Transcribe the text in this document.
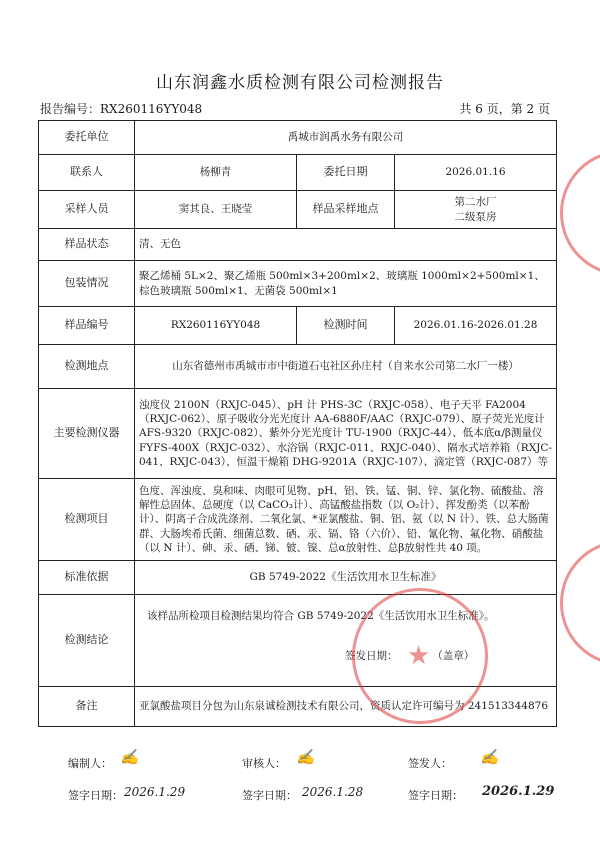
山东润鑫水质检测有限公司检测报告
报告编号：RX260116YY048	共 6 页，第 2 页
委托单位	禹城市润禹水务有限公司		
联系人	杨柳青	委托日期	2026.01.16
采样人员	窦其良、王晓莹	样品采样地点	第二水厂
二级泵房
样品状态	清、无色		
包装情况	聚乙烯桶 5L×2、聚乙烯瓶 500ml×3+200ml×2、玻璃瓶 1000ml×2+500ml×1、棕色玻璃瓶 500ml×1、无菌袋 500ml×1		
样品编号	RX260116YY048	检测时间	2026.01.16-2026.01.28
检测地点	山东省德州市禹城市市中街道石屯社区孙庄村（自来水公司第二水厂一楼）		
主要检测仪器	浊度仪 2100N（RXJC-045）、pH 计 PHS-3C（RXJC-058）、电子天平 FA2004（RXJC-062）、原子吸收分光光度计 AA-6880F/AAC（RXJC-079）、原子荧光光度计 AFS-9320（RXJC-082）、紫外分光光度计 TU-1900（RXJC-44）、低本底α/β测量仪 FYFS-400X（RXJC-032）、水浴锅（RXJC-011、RXJC-040）、隔水式培养箱（RXJC-041、RXJC-043）、恒温干燥箱 DHG-9201A（RXJC-107）、滴定管（RXJC-087）等		
检测项目	色度、浑浊度、臭和味、肉眼可见物、pH、铝、铁、锰、铜、锌、氯化物、硫酸盐、溶解性总固体、总硬度（以 CaCO₃计）、高锰酸盐指数（以 O₂计）、挥发酚类（以苯酚计）、阴离子合成洗涤剂、二氧化氯、*亚氯酸盐、铜、铝、氨（以 N 计）、铁、总大肠菌群、大肠埃希氏菌、细菌总数、硒、汞、镉、铬（六价）、铅、氰化物、氟化物、硝酸盐（以 N 计）、砷、汞、硒、锑、铍、镍、总α放射性、总β放射性共 40 项。		
标准依据	GB 5749-2022《生活饮用水卫生标准》		
检测结论	该样品所检项目检测结果均符合 GB 5749-2022《生活饮用水卫生标准》。
签发日期： （盖章）		

备注	亚氯酸盐项目分包为山东泉诚检测技术有限公司，资质认定许可编号为 241513344876		
编制人：	审核人：	签发人：
✍	✍	✍
签字日期：	签字日期：	签字日期：
2026.1.29	2026.1.28	2026.1.29
★
